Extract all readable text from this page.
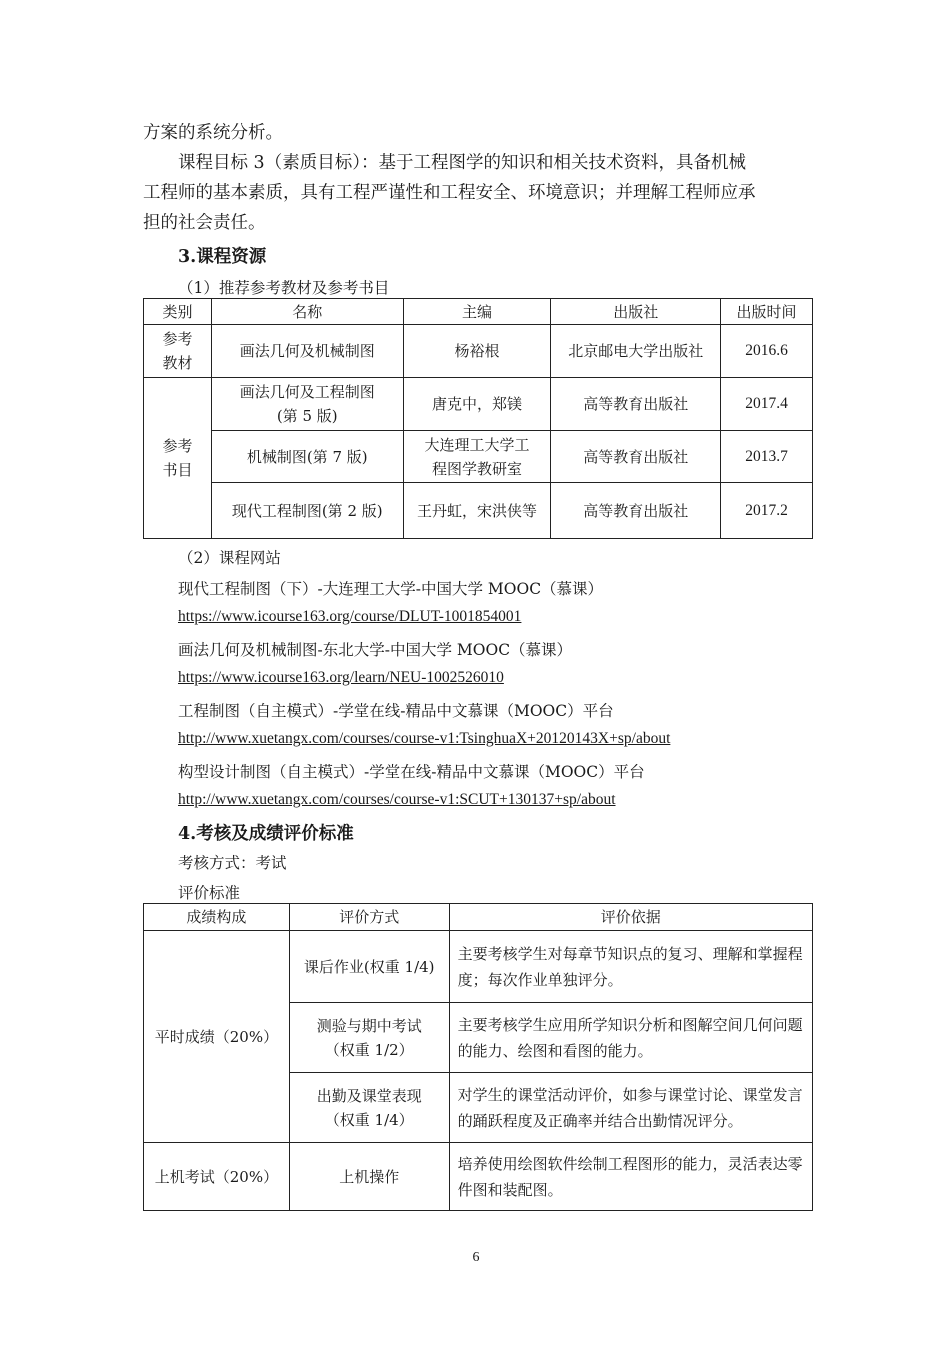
方案的系统分析。

课程目标 3（素质目标）：基于工程图学的知识和相关技术资料，具备机械

工程师的基本素质，具有工程严谨性和工程安全、环境意识；并理解工程师应承

担的社会责任。

3.课程资源

（1）推荐参考教材及参考书目

类别	名称	主编	出版社	出版时间
参考
教材	画法几何及机械制图	杨裕根	北京邮电大学出版社	2016.6
参考
书目	画法几何及工程制图
(第 5 版)	唐克中，郑镁	高等教育出版社	2017.4
	机械制图(第 7 版)	大连理工大学工
程图学教研室	高等教育出版社	2013.7
	现代工程制图(第 2 版)	王丹虹，宋洪侠等	高等教育出版社	2017.2

（2）课程网站

现代工程制图（下）-大连理工大学-中国大学 MOOC（慕课）

https://www.icourse163.org/course/DLUT-1001854001

画法几何及机械制图-东北大学-中国大学 MOOC（慕课）

https://www.icourse163.org/learn/NEU-1002526010

工程制图（自主模式）-学堂在线-精品中文慕课（MOOC）平台

http://www.xuetangx.com/courses/course-v1:TsinghuaX+20120143X+sp/about

构型设计制图（自主模式）-学堂在线-精品中文慕课（MOOC）平台

http://www.xuetangx.com/courses/course-v1:SCUT+130137+sp/about
4.考核及成绩评价标准

考核方式：考试

评价标准

成绩构成	评价方式	评价依据
平时成绩（20%）	课后作业(权重 1/4)	主要考核学生对每章节知识点的复习、理解和掌握程度；每次作业单独评分。
	测验与期中考试
（权重 1/2）	主要考核学生应用所学知识分析和图解空间几何问题的能力、绘图和看图的能力。
	出勤及课堂表现
（权重 1/4）	对学生的课堂活动评价，如参与课堂讨论、课堂发言的踊跃程度及正确率并结合出勤情况评分。
上机考试（20%）	上机操作	培养使用绘图软件绘制工程图形的能力，灵活表达零件图和装配图。
6
